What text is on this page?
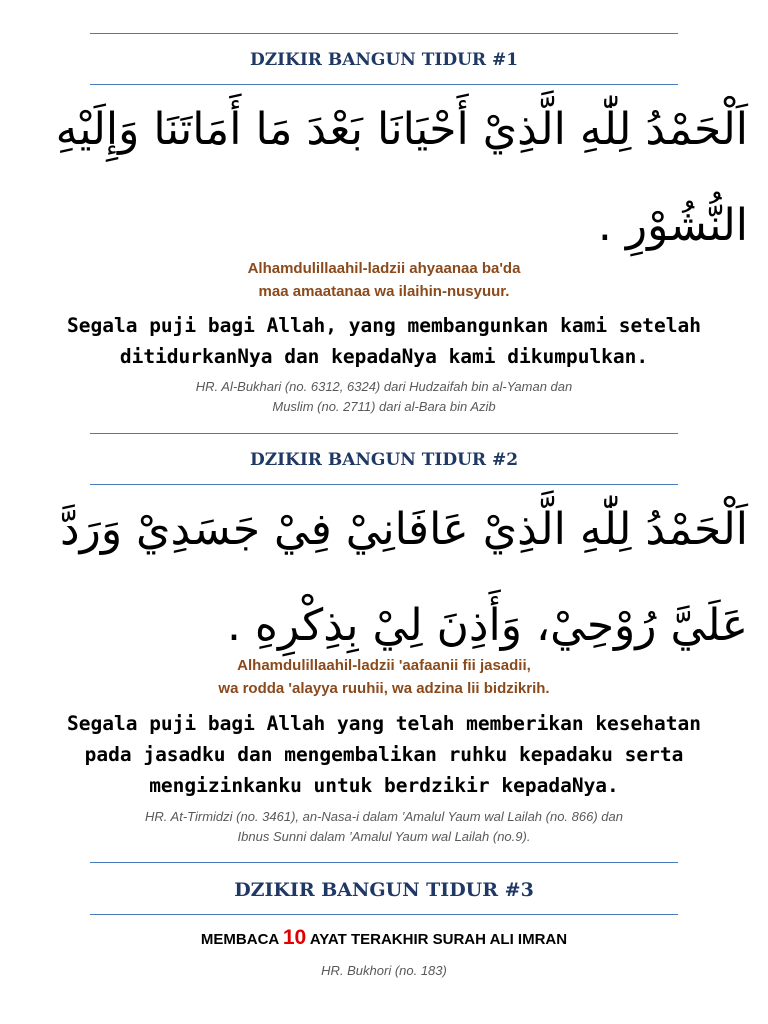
DZIKIR BANGUN TIDUR #1
اَلْحَمْدُ لِلّٰهِ الَّذِيْ أَحْيَانَا بَعْدَ مَا أَمَاتَنَا وَإِلَيْهِ النُّشُوْرِ .
Alhamdulillaahil-ladzii ahyaanaa ba'da
maa amaatanaa wa ilaihin-nusyuur.
Segala puji bagi Allah, yang membangunkan kami setelah
ditidurkanNya dan kepadaNya kami dikumpulkan.
HR. Al-Bukhari (no. 6312, 6324) dari Hudzaifah bin al-Yaman dan
Muslim (no. 2711) dari al-Bara bin Azib
DZIKIR BANGUN TIDUR #2
اَلْحَمْدُ لِلّٰهِ الَّذِيْ عَافَانِيْ فِيْ جَسَدِيْ وَرَدَّ عَلَيَّ رُوْحِيْ، وَأَذِنَ لِيْ بِذِكْرِهِ .
Alhamdulillaahil-ladzii 'aafaanii fii jasadii,
wa rodda 'alayya ruuhii, wa adzina lii bidzikrih.
Segala puji bagi Allah yang telah memberikan kesehatan
pada jasadku dan mengembalikan ruhku kepadaku serta
mengizinkanku untuk berdzikir kepadaNya.
HR. At-Tirmidzi (no. 3461), an-Nasa-i dalam ’Amalul Yaum wal Lailah (no. 866) dan
Ibnus Sunni dalam ’Amalul Yaum wal Lailah (no.9).
DZIKIR BANGUN TIDUR #3
MEMBACA 10 AYAT TERAKHIR SURAH ALI IMRAN
HR. Bukhori (no. 183)
